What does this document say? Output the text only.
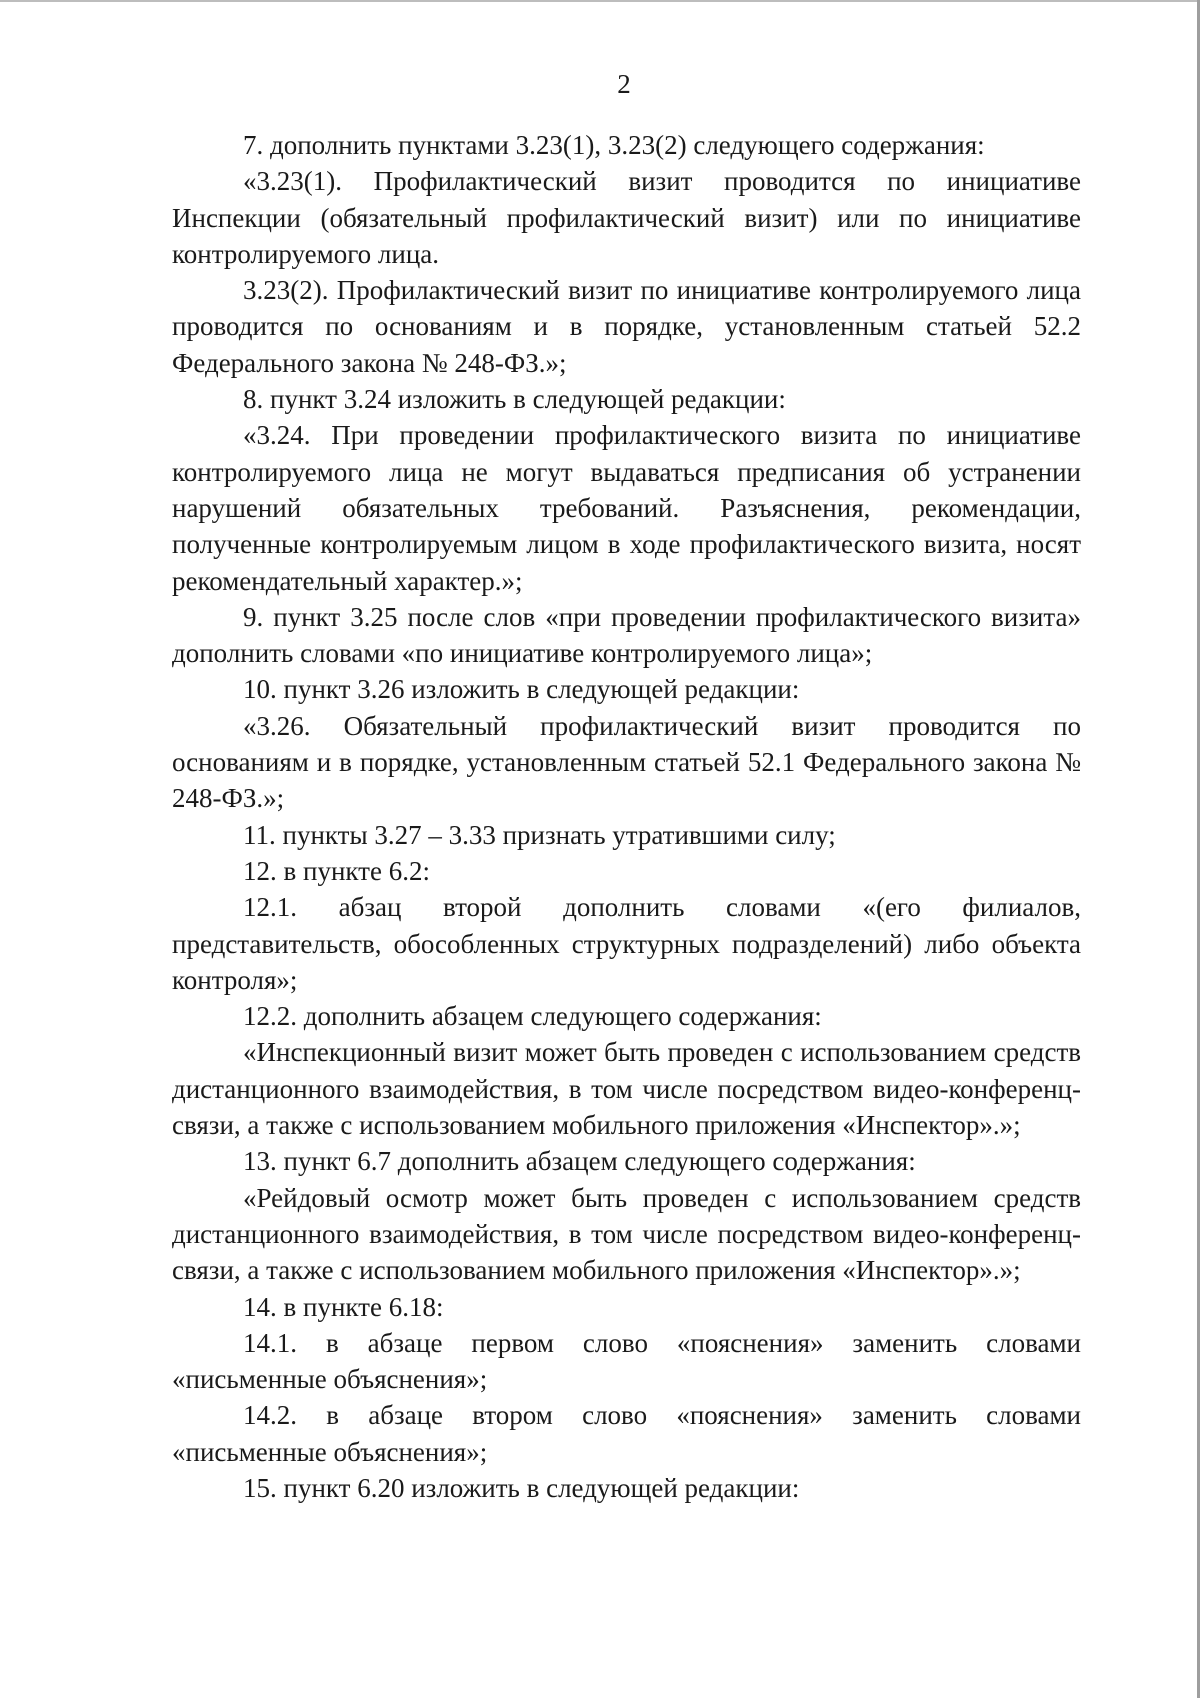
2

7. дополнить пунктами 3.23(1), 3.23(2) следующего содержания:

«3.23(1). Профилактический визит проводится по инициативе Инспекции (обязательный профилактический визит) или по инициативе контролируемого лица.

3.23(2). Профилактический визит по инициативе контролируемого лица проводится по основаниям и в порядке, установленным статьей 52.2 Федерального закона № 248-ФЗ.»;

8. пункт 3.24 изложить в следующей редакции:

«3.24. При проведении профилактического визита по инициативе контролируемого лица не могут выдаваться предписания об устранении нарушений обязательных требований. Разъяснения, рекомендации, полученные контролируемым лицом в ходе профилактического визита, носят рекомендательный характер.»;

9. пункт 3.25 после слов «при проведении профилактического визита» дополнить словами «по инициативе контролируемого лица»;

10. пункт 3.26 изложить в следующей редакции:

«3.26. Обязательный профилактический визит проводится по основаниям и в порядке, установленным статьей 52.1 Федерального закона № 248-ФЗ.»;

11. пункты 3.27 – 3.33 признать утратившими силу;

12. в пункте 6.2:

12.1. абзац второй дополнить словами «(его филиалов, представительств, обособленных структурных подразделений) либо объекта контроля»;

12.2. дополнить абзацем следующего содержания:

«Инспекционный визит может быть проведен с использованием средств дистанционного взаимодействия, в том числе посредством видео-конференц-связи, а также с использованием мобильного приложения «Инспектор».»;

13. пункт 6.7 дополнить абзацем следующего содержания:

«Рейдовый осмотр может быть проведен с использованием средств дистанционного взаимодействия, в том числе посредством видео-конференц-связи, а также с использованием мобильного приложения «Инспектор».»;

14. в пункте 6.18:

14.1. в абзаце первом слово «пояснения» заменить словами «письменные объяснения»;

14.2. в абзаце втором слово «пояснения» заменить словами «письменные объяснения»;

15. пункт 6.20 изложить в следующей редакции:
